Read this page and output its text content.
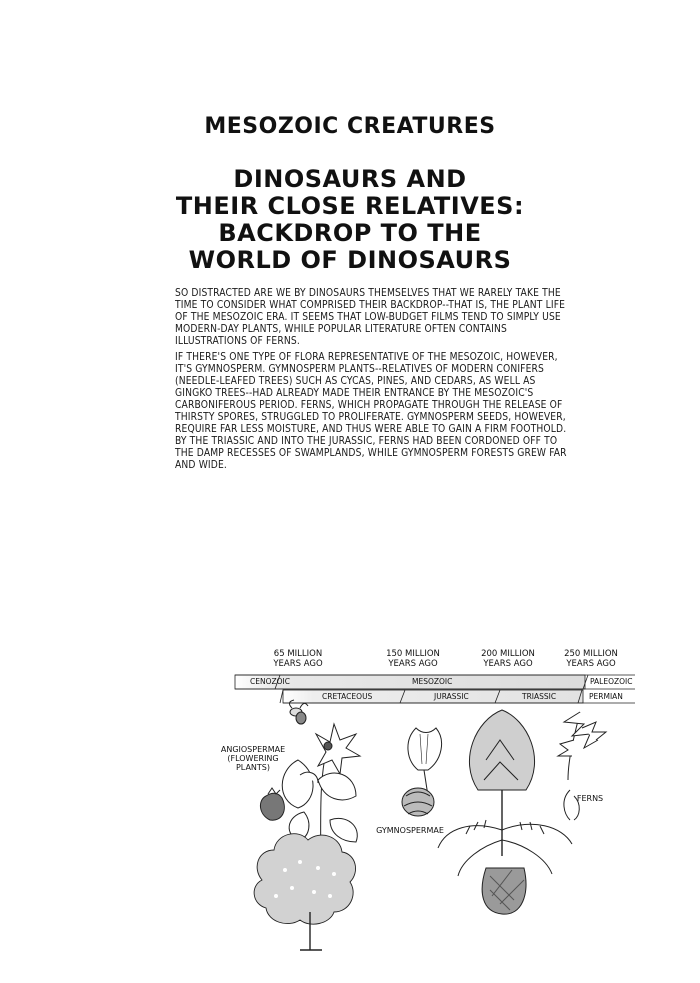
MESOZOIC CREATURES
DINOSAURS AND
THEIR CLOSE RELATIVES:
BACKDROP TO THE
WORLD OF DINOSAURS

SO DISTRACTED ARE WE BY DINOSAURS THEMSELVES THAT WE RARELY TAKE THE TIME TO CONSIDER WHAT COMPRISED THEIR BACKDROP--THAT IS, THE PLANT LIFE OF THE MESOZOIC ERA. IT SEEMS THAT LOW-BUDGET FILMS TEND TO SIMPLY USE MODERN-DAY PLANTS, WHILE POPULAR LITERATURE OFTEN CONTAINS ILLUSTRATIONS OF FERNS.

IF THERE'S ONE TYPE OF FLORA REPRESENTATIVE OF THE MESOZOIC, HOWEVER, IT'S GYMNOSPERM. GYMNOSPERM PLANTS--RELATIVES OF MODERN CONIFERS (NEEDLE-LEAFED TREES) SUCH AS CYCAS, PINES, AND CEDARS, AS WELL AS GINGKO TREES--HAD ALREADY MADE THEIR ENTRANCE BY THE MESOZOIC'S CARBONIFEROUS PERIOD. FERNS, WHICH PROPAGATE THROUGH THE RELEASE OF THIRSTY SPORES, STRUGGLED TO PROLIFERATE. GYMNOSPERM SEEDS, HOWEVER, REQUIRE FAR LESS MOISTURE, AND THUS WERE ABLE TO GAIN A FIRM FOOTHOLD. BY THE TRIASSIC AND INTO THE JURASSIC, FERNS HAD BEEN CORDONED OFF TO THE DAMP RECESSES OF SWAMPLANDS, WHILE GYMNOSPERM FORESTS GREW FAR AND WIDE.

65 MILLION
YEARS AGO
150 MILLION
YEARS AGO
200 MILLION
YEARS AGO
250 MILLION
YEARS AGO
CENOZOIC	MESOZOIC	PALEOZOIC
CRETACEOUS	JURASSIC	TRIASSIC	PERMIAN
ANGIOSPERMAE
(FLOWERING
PLANTS)
GYMNOSPERMAE
FERNS
